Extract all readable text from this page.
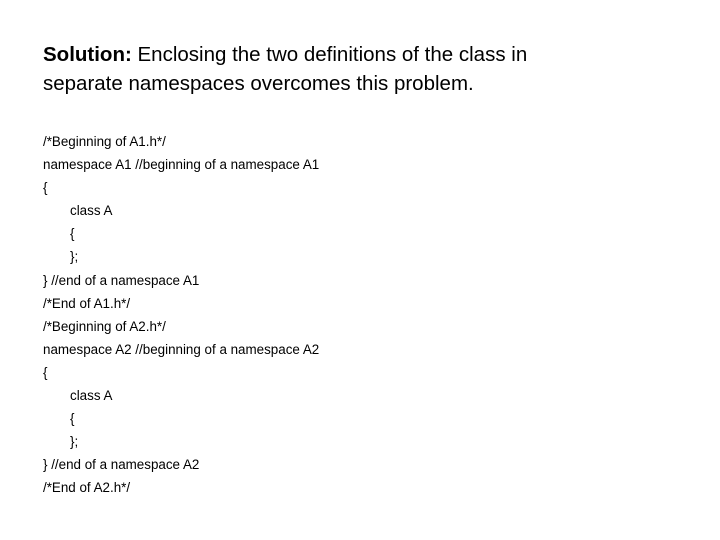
Solution: Enclosing the two definitions of the class in
separate namespaces overcomes this problem.
/*Beginning of A1.h*/
namespace A1 //beginning of a namespace A1
{
class A
{
};
} //end of a namespace A1
/*End of A1.h*/
/*Beginning of A2.h*/
namespace A2 //beginning of a namespace A2
{
class A
{
};
} //end of a namespace A2
/*End of A2.h*/
